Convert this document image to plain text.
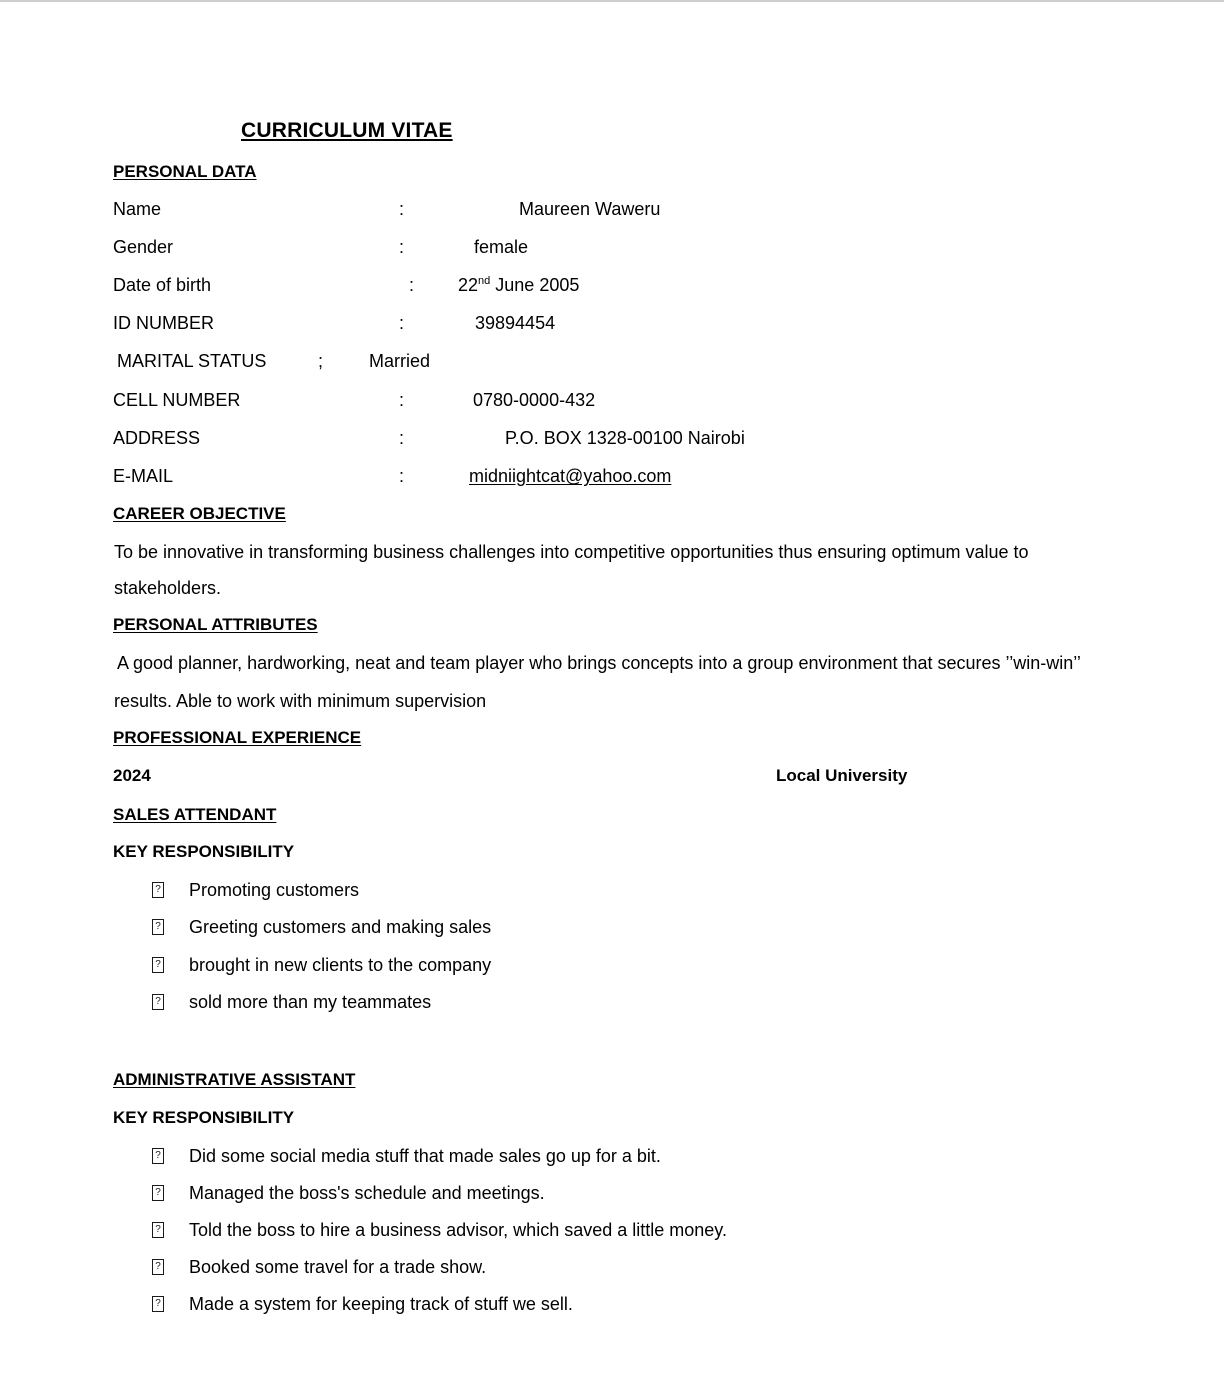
CURRICULUM VITAE
PERSONAL DATA
Name	:	Maureen Waweru
Gender	:	female
Date of birth	: 22nd June 2005
ID NUMBER	:	39894454
MARITAL STATUS	;	Married
CELL NUMBER	:	0780-0000-432
ADDRESS	:	P.O. BOX 1328-00100 Nairobi
E-MAIL	:	midniightcat@yahoo.com
CAREER OBJECTIVE
To be innovative in transforming business challenges into competitive opportunities thus ensuring optimum value to
stakeholders.
PERSONAL ATTRIBUTES
A good planner, hardworking, neat and team player who brings concepts into a group environment that secures ’’win-win’’
results. Able to work with minimum supervision
PROFESSIONAL EXPERIENCE
2024	Local University
SALES ATTENDANT
KEY RESPONSIBILITY
? Promoting customers
? Greeting customers and making sales
? brought in new clients to the company
? sold more than my teammates
ADMINISTRATIVE ASSISTANT
KEY RESPONSIBILITY
? Did some social media stuff that made sales go up for a bit.
? Managed the boss's schedule and meetings.
? Told the boss to hire a business advisor, which saved a little money.
? Booked some travel for a trade show.
? Made a system for keeping track of stuff we sell.
